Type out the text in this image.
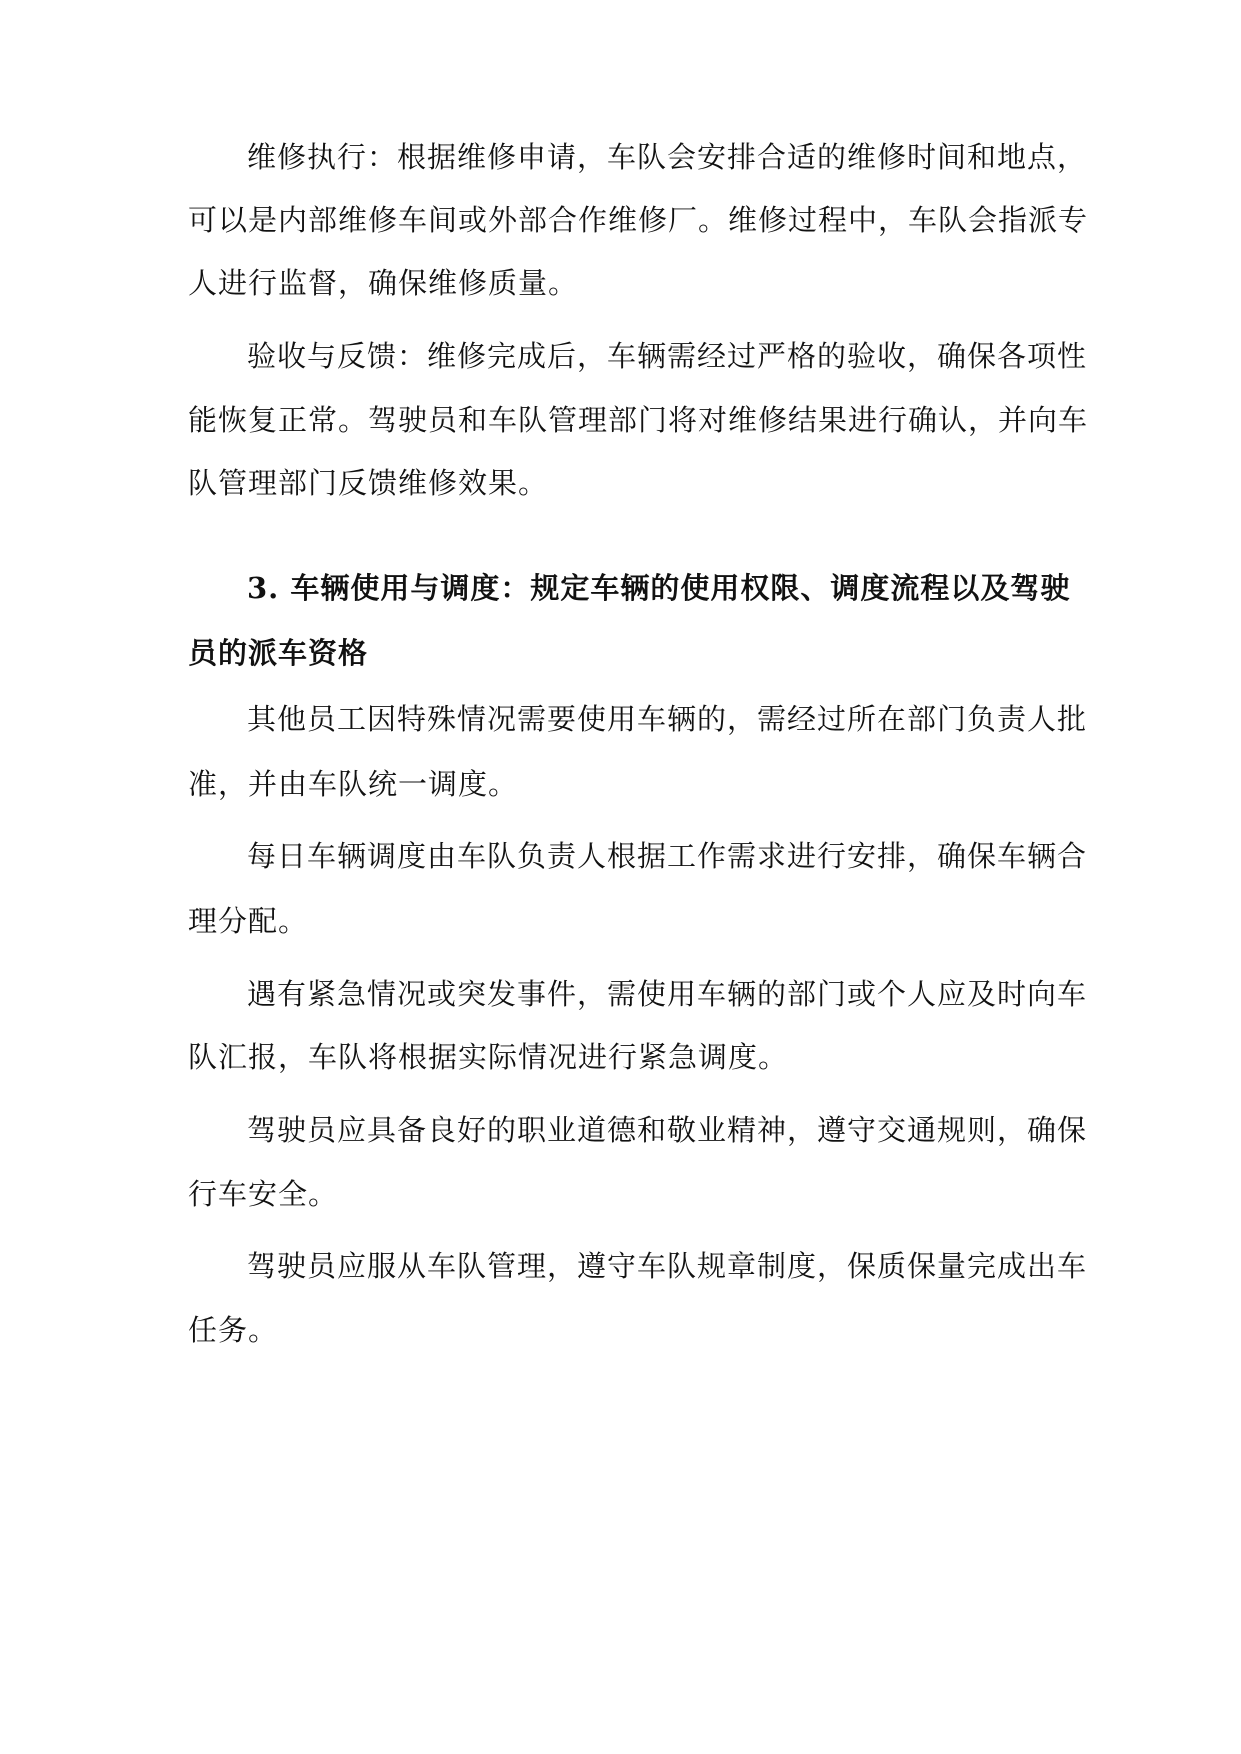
维修执行：根据维修申请，车队会安排合适的维修时间和地点，

可以是内部维修车间或外部合作维修厂。维修过程中，车队会指派专

人进行监督，确保维修质量。

验收与反馈：维修完成后，车辆需经过严格的验收，确保各项性

能恢复正常。驾驶员和车队管理部门将对维修结果进行确认，并向车

队管理部门反馈维修效果。

3. 车辆使用与调度：规定车辆的使用权限、调度流程以及驾驶

员的派车资格

其他员工因特殊情况需要使用车辆的，需经过所在部门负责人批

准，并由车队统一调度。

每日车辆调度由车队负责人根据工作需求进行安排，确保车辆合

理分配。

遇有紧急情况或突发事件，需使用车辆的部门或个人应及时向车

队汇报，车队将根据实际情况进行紧急调度。

驾驶员应具备良好的职业道德和敬业精神，遵守交通规则，确保

行车安全。

驾驶员应服从车队管理，遵守车队规章制度，保质保量完成出车

任务。
